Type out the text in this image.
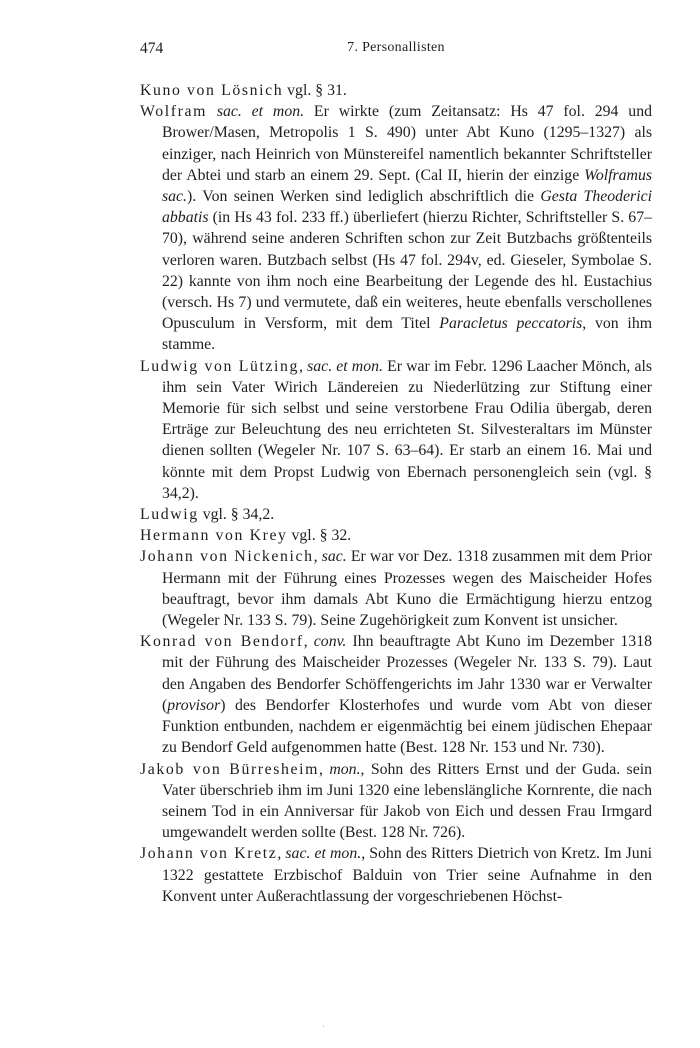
474	7. Personallisten

Kuno von Lösnich vgl. § 31.

Wolfram sac. et mon. Er wirkte (zum Zeitansatz: Hs 47 fol. 294 und Brower/Masen, Metropolis 1 S. 490) unter Abt Kuno (1295–1327) als einziger, nach Heinrich von Münstereifel namentlich bekannter Schriftsteller der Abtei und starb an einem 29. Sept. (Cal II, hierin der einzige Wolframus sac.). Von seinen Werken sind lediglich abschriftlich die Gesta Theoderici abbatis (in Hs 43 fol. 233 ff.) überliefert (hierzu Richter, Schriftsteller S. 67–70), während seine anderen Schriften schon zur Zeit Butzbachs größtenteils verloren waren. Butzbach selbst (Hs 47 fol. 294v, ed. Gieseler, Symbolae S. 22) kannte von ihm noch eine Bearbeitung der Legende des hl. Eustachius (versch. Hs 7) und vermutete, daß ein weiteres, heute ebenfalls verschollenes Opusculum in Versform, mit dem Titel Paracletus peccatoris, von ihm stamme.

Ludwig von Lützing, sac. et mon. Er war im Febr. 1296 Laacher Mönch, als ihm sein Vater Wirich Ländereien zu Niederlützing zur Stiftung einer Memorie für sich selbst und seine verstorbene Frau Odilia übergab, deren Erträge zur Beleuchtung des neu errichteten St. Silvesteraltars im Münster dienen sollten (Wegeler Nr. 107 S. 63–64). Er starb an einem 16. Mai und könnte mit dem Propst Ludwig von Ebernach personengleich sein (vgl. § 34,2).

Ludwig vgl. § 34,2.

Hermann von Krey vgl. § 32.

Johann von Nickenich, sac. Er war vor Dez. 1318 zusammen mit dem Prior Hermann mit der Führung eines Prozesses wegen des Maischeider Hofes beauftragt, bevor ihm damals Abt Kuno die Ermächtigung hierzu entzog (Wegeler Nr. 133 S. 79). Seine Zugehörigkeit zum Konvent ist unsicher.

Konrad von Bendorf, conv. Ihn beauftragte Abt Kuno im Dezember 1318 mit der Führung des Maischeider Prozesses (Wegeler Nr. 133 S. 79). Laut den Angaben des Bendorfer Schöffengerichts im Jahr 1330 war er Verwalter (provisor) des Bendorfer Klosterhofes und wurde vom Abt von dieser Funktion entbunden, nachdem er eigenmächtig bei einem jüdischen Ehepaar zu Bendorf Geld aufgenommen hatte (Best. 128 Nr. 153 und Nr. 730).

Jakob von Bürresheim, mon., Sohn des Ritters Ernst und der Guda. sein Vater überschrieb ihm im Juni 1320 eine lebenslängliche Kornrente, die nach seinem Tod in ein Anniversar für Jakob von Eich und dessen Frau Irmgard umgewandelt werden sollte (Best. 128 Nr. 726).

Johann von Kretz, sac. et mon., Sohn des Ritters Dietrich von Kretz. Im Juni 1322 gestattete Erzbischof Balduin von Trier seine Aufnahme in den Konvent unter Außerachtlassung der vorgeschriebenen Höchst-

·
